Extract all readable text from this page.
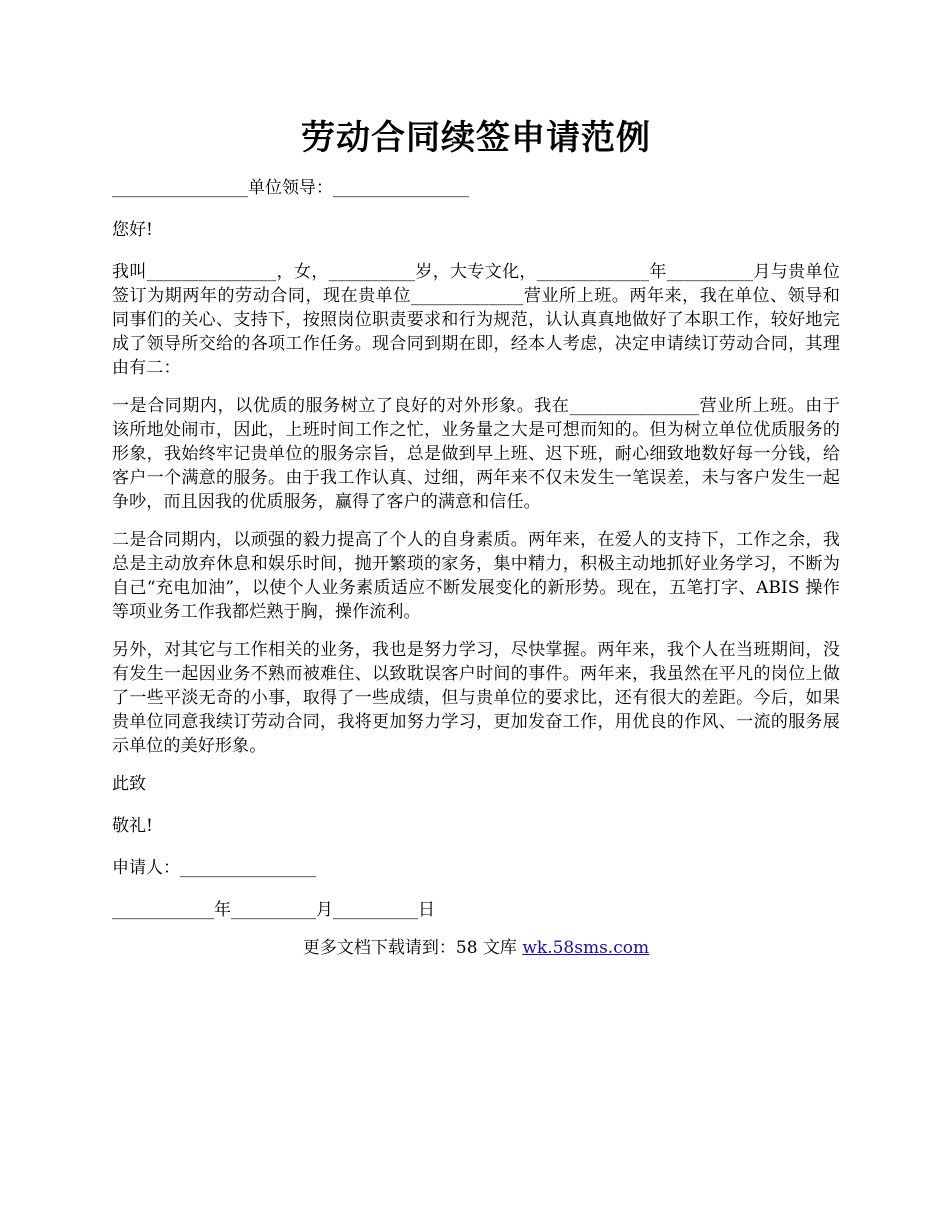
劳动合同续签申请范例
________________单位领导：________________
您好!

我叫_______________，女，__________岁，大专文化，_____________年__________月与贵单位签订为期两年的劳动合同，现在贵单位_____________营业所上班。两年来，我在单位、领导和同事们的关心、支持下，按照岗位职责要求和行为规范，认认真真地做好了本职工作，较好地完成了领导所交给的各项工作任务。现合同到期在即，经本人考虑，决定申请续订劳动合同，其理由有二：

一是合同期内，以优质的服务树立了良好的对外形象。我在_______________营业所上班。由于该所地处闹市，因此，上班时间工作之忙，业务量之大是可想而知的。但为树立单位优质服务的形象，我始终牢记贵单位的服务宗旨，总是做到早上班、迟下班，耐心细致地数好每一分钱，给客户一个满意的服务。由于我工作认真、过细，两年来不仅未发生一笔误差，未与客户发生一起争吵，而且因我的优质服务，赢得了客户的满意和信任。

二是合同期内，以顽强的毅力提高了个人的自身素质。两年来，在爱人的支持下，工作之余，我总是主动放弃休息和娱乐时间，抛开繁琐的家务，集中精力，积极主动地抓好业务学习，不断为自己“充电加油”，以使个人业务素质适应不断发展变化的新形势。现在，五笔打字、ABIS 操作等项业务工作我都烂熟于胸，操作流利。

另外，对其它与工作相关的业务，我也是努力学习，尽快掌握。两年来，我个人在当班期间，没有发生一起因业务不熟而被难住、以致耽误客户时间的事件。两年来，我虽然在平凡的岗位上做了一些平淡无奇的小事，取得了一些成绩，但与贵单位的要求比，还有很大的差距。今后，如果贵单位同意我续订劳动合同，我将更加努力学习，更加发奋工作，用优良的作风、一流的服务展示单位的美好形象。

此致
敬礼!
申请人：________________
____________年__________月__________日
更多文档下载请到：58 文库 wk.58sms.com
